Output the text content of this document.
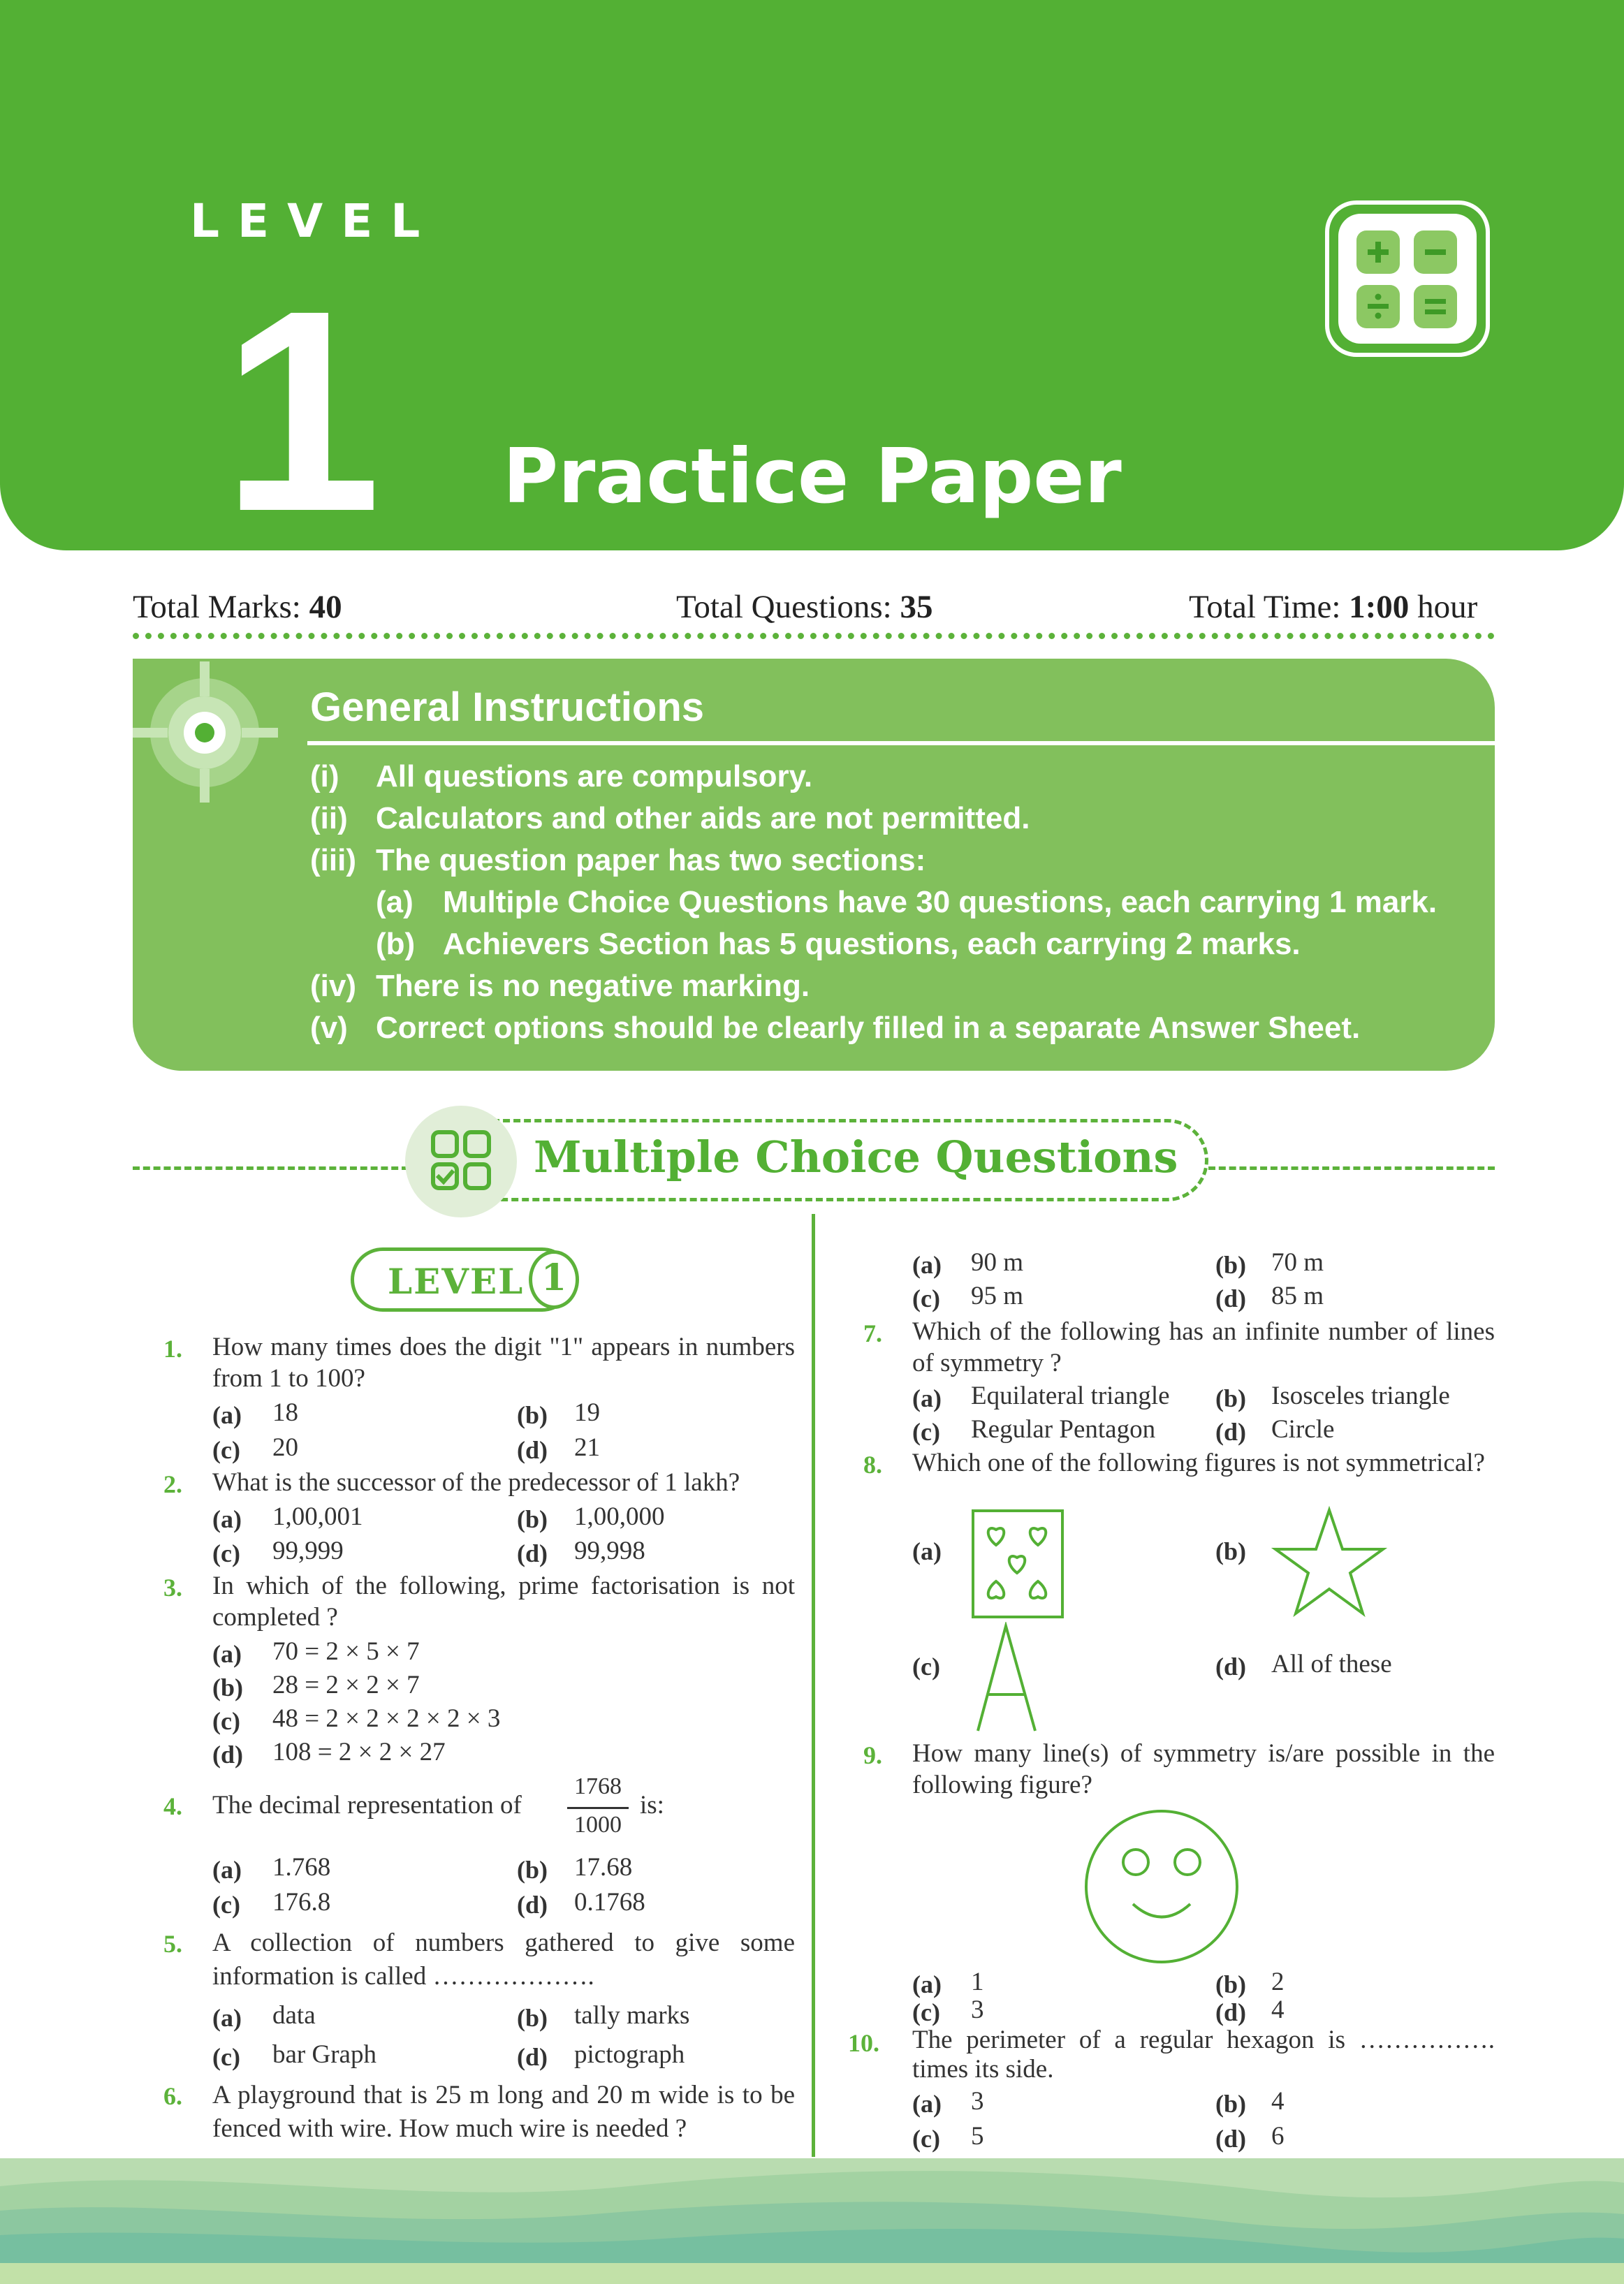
LEVEL
1 Practice Paper
Total Marks: 40	Total Questions: 35	Total Time: 1:00 hour
General Instructions
(i) All questions are compulsory.
(ii) Calculators and other aids are not permitted.
(iii) The question paper has two sections:
(a) Multiple Choice Questions have 30 questions, each carrying 1 mark.
(b) Achievers Section has 5 questions, each carrying 2 marks.
(iv) There is no negative marking.
(v) Correct options should be clearly filled in a separate Answer Sheet.
Multiple Choice Questions
LEVEL 1
1. How many times does the digit "1" appears in numbers from 1 to 100?
(a) 18	(b) 19
(c) 20	(d) 21
2. What is the successor of the predecessor of 1 lakh?
(a) 1,00,001	(b) 1,00,000
(c) 99,999	(d) 99,998
3. In which of the following, prime factorisation is not completed ?
(a) 70 = 2 × 5 × 7
(b) 28 = 2 × 2 × 7
(c) 48 = 2 × 2 × 2 × 2 × 3
(d) 108 = 2 × 2 × 27
4. The decimal representation of
1768
1000
is:
(a) 1.768	(b) 17.68
(c) 176.8	(d) 0.1768
5. A collection of numbers gathered to give some information is called ……………….
(a) data	(b) tally marks
(c) bar Graph	(d) pictograph
6. A playground that is 25 m long and 20 m wide is to be fenced with wire. How much wire is needed ?
(a) 90 m	(b) 70 m
(c) 95 m	(d) 85 m
7. Which of the following has an infinite number of lines of symmetry ?
(a) Equilateral triangle (b) Isosceles triangle
(c) Regular Pentagon (d) Circle
8. Which one of the following figures is not symmetrical?
(a)	(b)
(c)	(d) All of these
9. How many line(s) of symmetry is/are possible in the following figure?
(a) 1	(b) 2
(c) 3	(d) 4
10. The perimeter of a regular hexagon is ……………. times its side.
(a) 3	(b) 4
(c) 5	(d) 6
